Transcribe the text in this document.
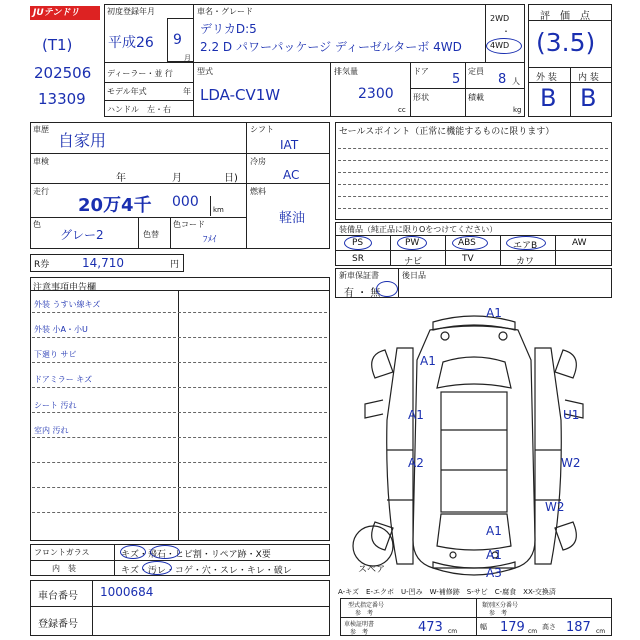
JUテンドリ
(T1)
202506
13309
初度登録年月
平成26 9
月
車名・グレード
デリカD:5
2.2 D パワーパッケージ ディーゼルターボ 4WD
2WD
・
4WD
ディーラー・並 行
モデル年式	年
ハンドル　左・右
型式
LDA-CV1W
排気量
2300
cc
ドア
5
定員
8 人
形状	積載
kg
評　価　点
(3.5)
外 装 内 装
B B
車歴
自家用
車検
年	月	日)
走行
20万4千 000 km
色
グレー2	色替
色コード
ﾌﾒｲ
シフト
IAT
冷房
AC
燃料
軽油
R券	14,710	円
セールスポイント（正常に機能するものに限ります）
装備品（純正品に限りOをつけてください）
PS	PW	ABS	エアB	AW
SR	ナビ	TV	カワ
新車保証書
有 ・ 無
後日品
注意事項申告欄
外装 うすい線キズ
外装 小A・小U
下廻り サビ
ドアミラー キズ
シート 汚れ
室内 汚れ
フロントガラス	キズ・飛石・ヒビ割・リペア跡・X要
内　装	キズ・汚レ・コゲ・穴・スレ・キレ・破レ
車台番号 1000684
登録番号
A1
A1
A1	U1
A2	W2
W2
A1
A1
A3
スペア
A-キズ　E-エクボ　U-凹み　W-補修跡　S-サビ　C-腐食　XX-交換済
型式指定番号
参　考
類別区分番号
参　考
車検証明書
参　考	473 cm
幅 179 cm
高さ 187 cm
